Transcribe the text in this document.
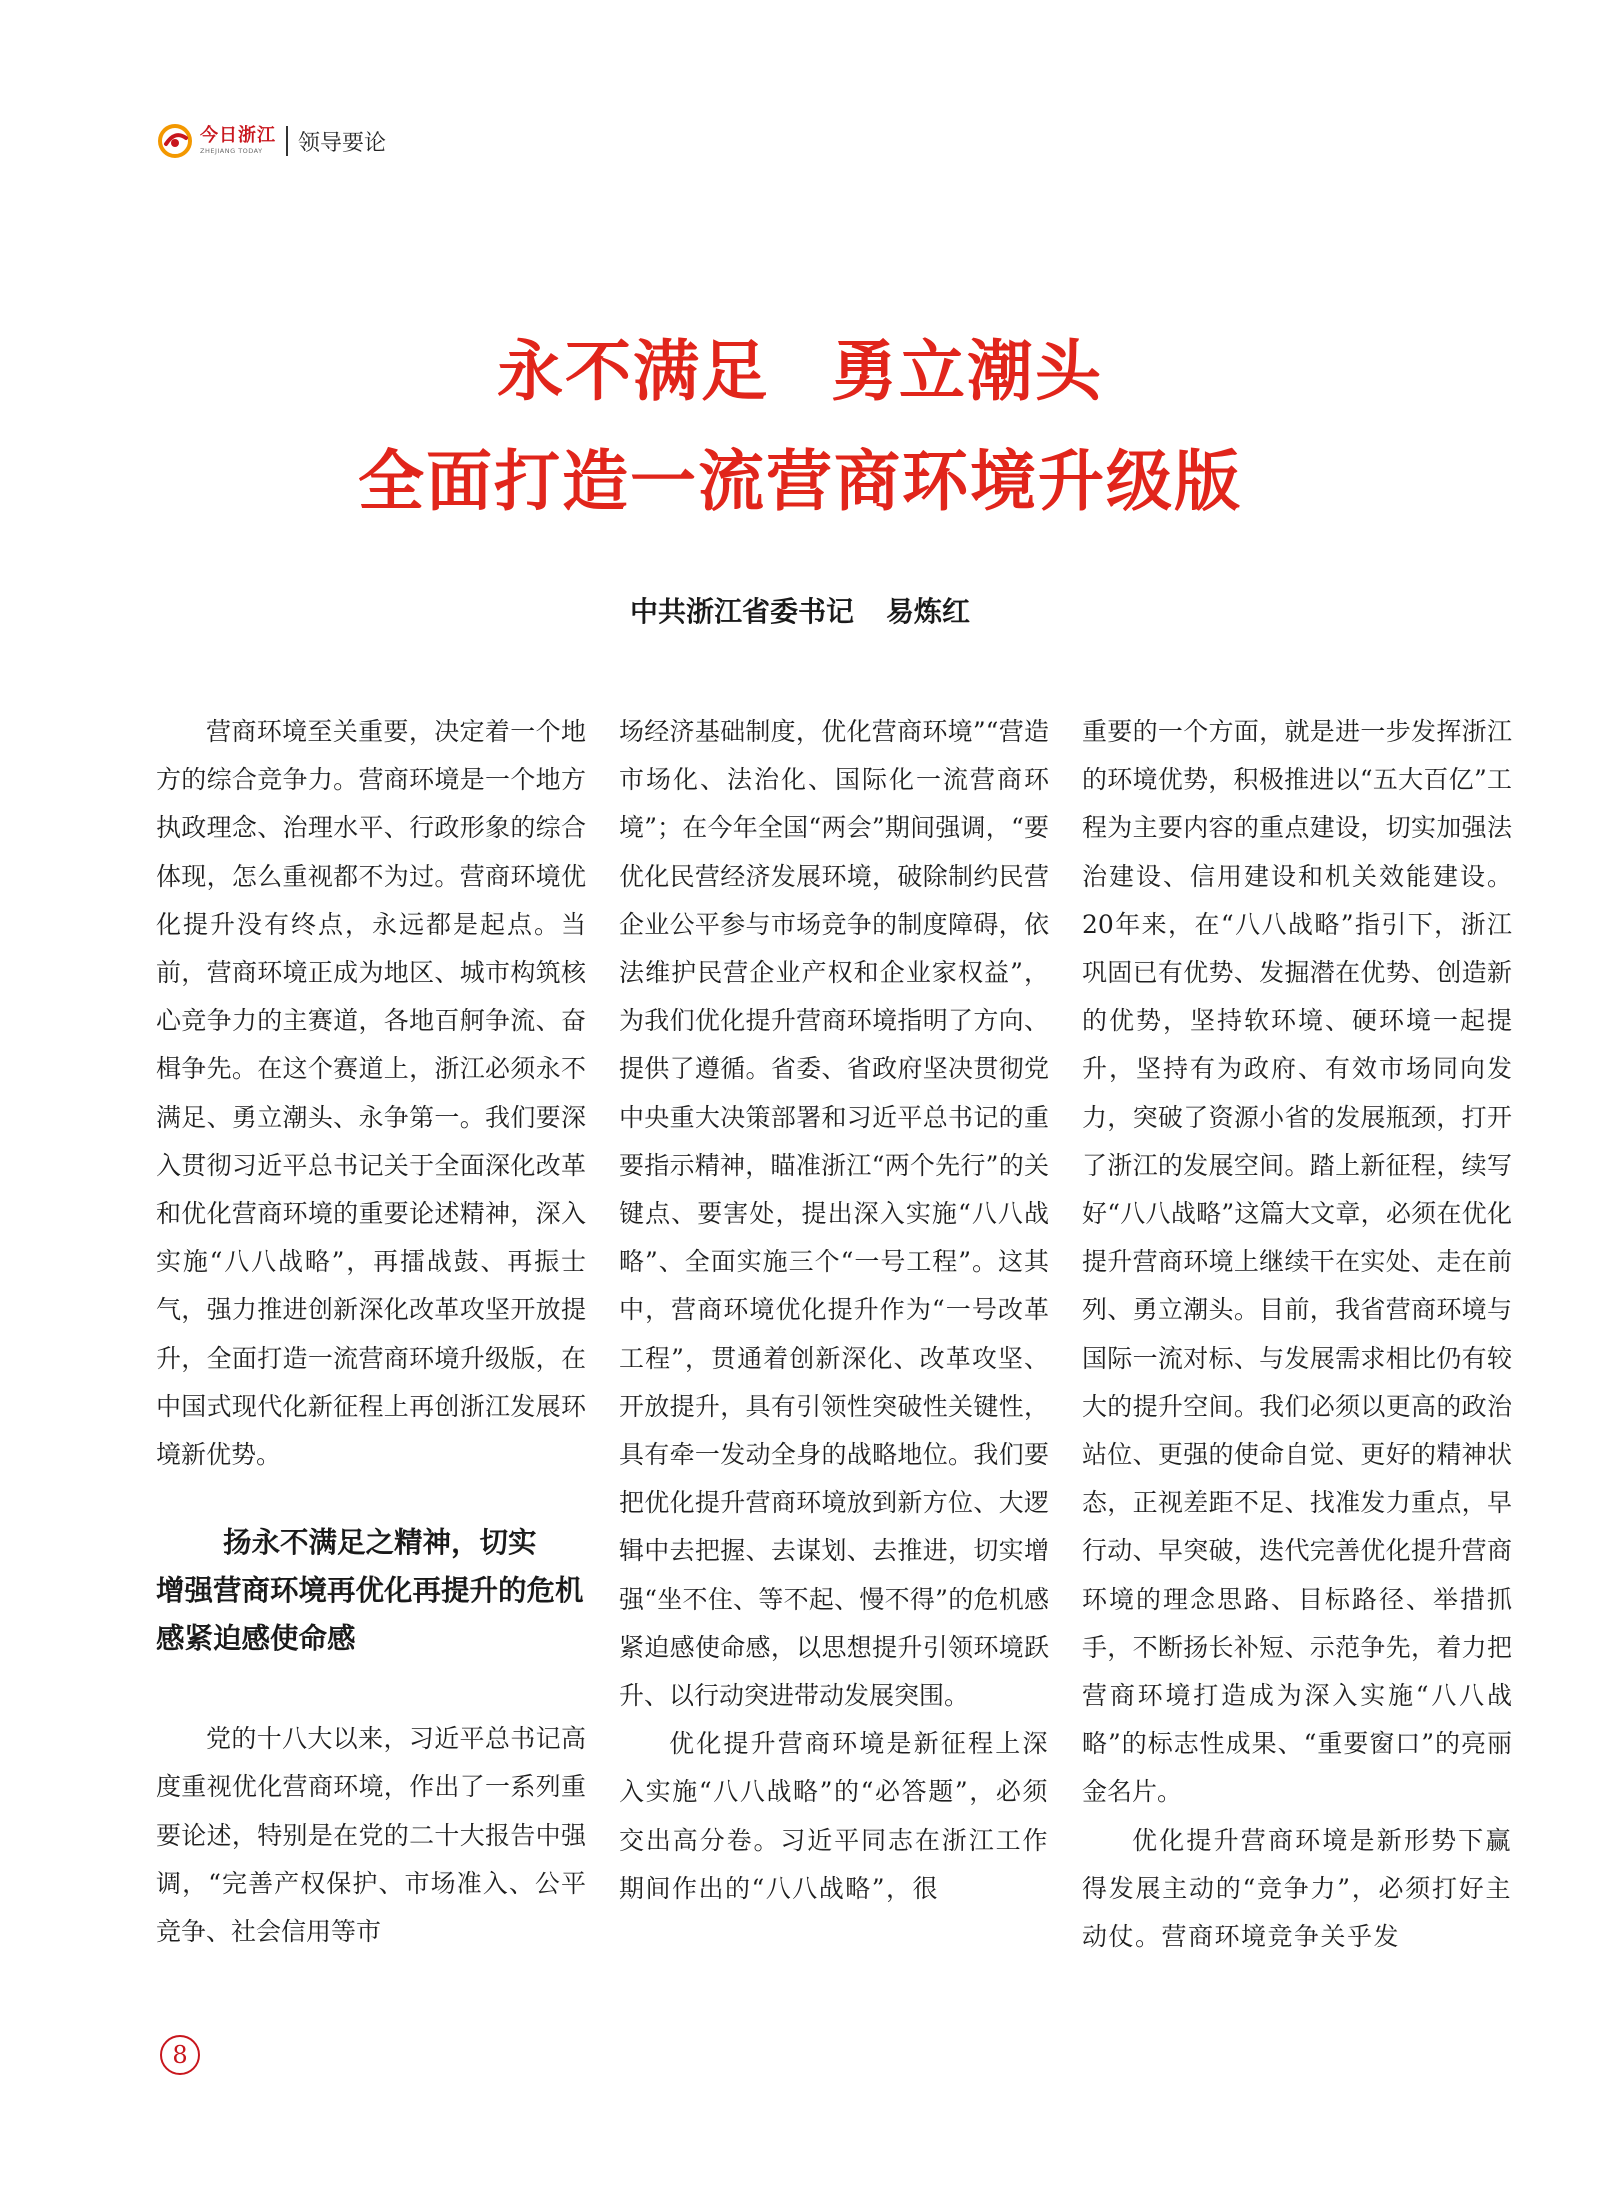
今日浙江
ZHEJIANG TODAY	领导要论
永不满足 勇立潮头
全面打造一流营商环境升级版
中共浙江省委书记 易炼红

营商环境至关重要，决定着一个地方的综合竞争力。营商环境是一个地方执政理念、治理水平、行政形象的综合体现，怎么重视都不为过。营商环境优化提升没有终点，永远都是起点。当前，营商环境正成为地区、城市构筑核心竞争力的主赛道，各地百舸争流、奋楫争先。在这个赛道上，浙江必须永不满足、勇立潮头、永争第一。我们要深入贯彻习近平总书记关于全面深化改革和优化营商环境的重要论述精神，深入实施“八八战略”，再擂战鼓、再振士气，强力推进创新深化改革攻坚开放提升，全面打造一流营商环境升级版，在中国式现代化新征程上再创浙江发展环境新优势。

扬永不满足之精神，切实
增强营商环境再优化再提升的危机感紧迫感使命感

党的十八大以来，习近平总书记高度重视优化营商环境，作出了一系列重要论述，特别是在党的二十大报告中强调，“完善产权保护、市场准入、公平竞争、社会信用等市

场经济基础制度，优化营商环境”“营造市场化、法治化、国际化一流营商环境”；在今年全国“两会”期间强调，“要优化民营经济发展环境，破除制约民营企业公平参与市场竞争的制度障碍，依法维护民营企业产权和企业家权益”，为我们优化提升营商环境指明了方向、提供了遵循。省委、省政府坚决贯彻党中央重大决策部署和习近平总书记的重要指示精神，瞄准浙江“两个先行”的关键点、要害处，提出深入实施“八八战略”、全面实施三个“一号工程”。这其中，营商环境优化提升作为“一号改革工程”，贯通着创新深化、改革攻坚、开放提升，具有引领性突破性关键性，具有牵一发动全身的战略地位。我们要把优化提升营商环境放到新方位、大逻辑中去把握、去谋划、去推进，切实增强“坐不住、等不起、慢不得”的危机感紧迫感使命感，以思想提升引领环境跃升、以行动突进带动发展突围。

优化提升营商环境是新征程上深入实施“八八战略”的“必答题”，必须交出高分卷。习近平同志在浙江工作期间作出的“八八战略”，很

重要的一个方面，就是进一步发挥浙江的环境优势，积极推进以“五大百亿”工程为主要内容的重点建设，切实加强法治建设、信用建设和机关效能建设。20年来，在“八八战略”指引下，浙江巩固已有优势、发掘潜在优势、创造新的优势，坚持软环境、硬环境一起提升，坚持有为政府、有效市场同向发力，突破了资源小省的发展瓶颈，打开了浙江的发展空间。踏上新征程，续写好“八八战略”这篇大文章，必须在优化提升营商环境上继续干在实处、走在前列、勇立潮头。目前，我省营商环境与国际一流对标、与发展需求相比仍有较大的提升空间。我们必须以更高的政治站位、更强的使命自觉、更好的精神状态，正视差距不足、找准发力重点，早行动、早突破，迭代完善优化提升营商环境的理念思路、目标路径、举措抓手，不断扬长补短、示范争先，着力把营商环境打造成为深入实施“八八战略”的标志性成果、“重要窗口”的亮丽金名片。

优化提升营商环境是新形势下赢得发展主动的“竞争力”，必须打好主动仗。营商环境竞争关乎发

8
